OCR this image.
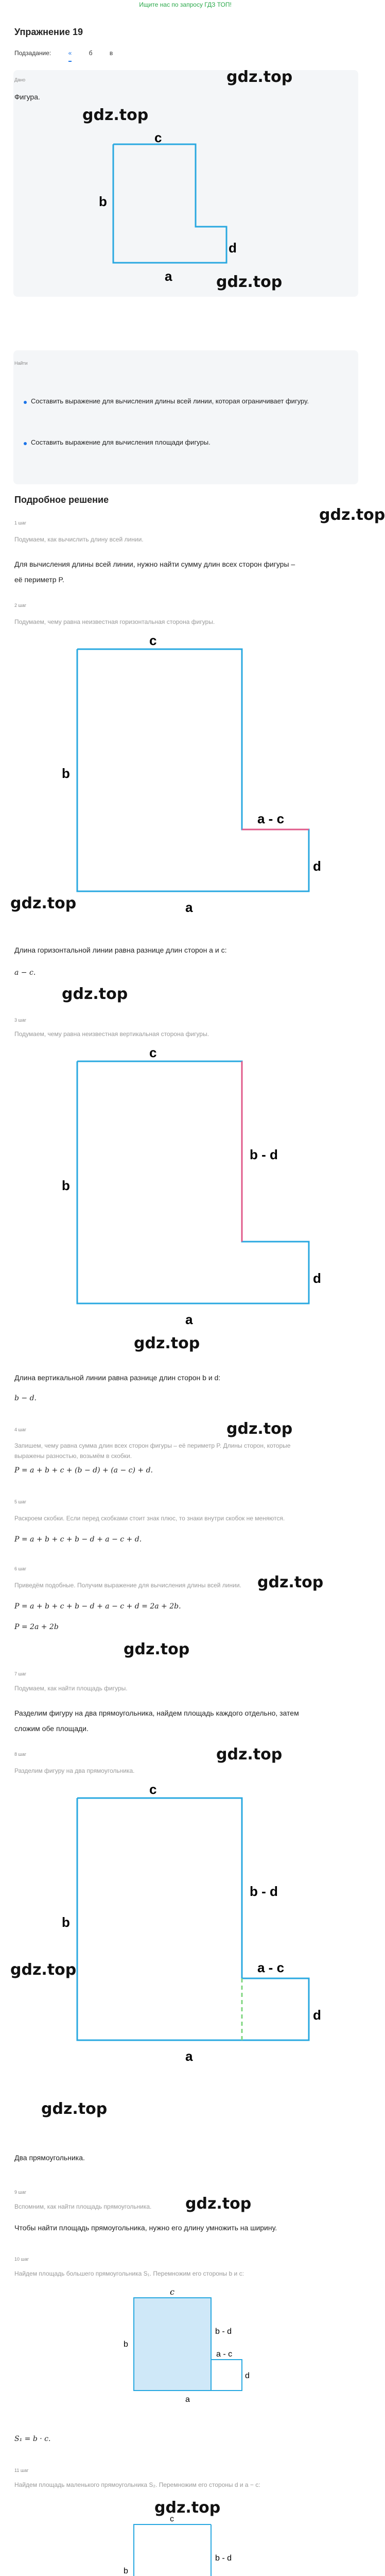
Ищите нас по запросу ГДЗ ТОП!
Упражнение 19
Подзадание:	«	б	в
Дано
Фигура.
gdz.top
gdz.top
c
b
d
a	gdz.top
Найти
Составить выражение для вычисления длины всей линии, которая ограничивает фигуру.
Составить выражение для вычисления площади фигуры.
Подробное решение
1 шаг
Подумаем, как вычислить длину всей линии.
Для вычисления длины всей линии, нужно найти сумму длин всех сторон фигуры – её периметр P.
gdz.top
2 шаг
Подумаем, чему равна неизвестная горизонтальная сторона фигуры.
c
b
a - c
d
a
gdz.top
Длина горизонтальной линии равна разнице длин сторон a и c:
a − c.
gdz.top
3 шаг
Подумаем, чему равна неизвестная вертикальная сторона фигуры.
c
b
b - d
d
a
gdz.top
Длина вертикальной линии равна разнице длин сторон b и d:
b − d.
4 шаг
Запишем, чему равна сумма длин всех сторон фигуры – её периметр P. Длины сторон, которые выражены разностью, возьмём в скобки.
gdz.top
P = a + b + c + (b − d) + (a − c) + d.
5 шаг
Раскроем скобки. Если перед скобками стоит знак плюс, то знаки внутри скобок не меняются.
P = a + b + c + b − d + a − c + d.
6 шаг
Приведём подобные. Получим выражение для вычисления длины всей линии. gdz.top
P = a + b + c + b − d + a − c + d = 2a + 2b.
P = 2a + 2b
gdz.top
7 шаг
Подумаем, как найти площадь фигуры.
Разделим фигуру на два прямоугольника, найдем площадь каждого отдельно, затем сложим обе площади.
8 шаг
Разделим фигуру на два прямоугольника.
gdz.top
c
b
b - d
a - c
d
a
gdz.top
gdz.top
Два прямоугольника.
9 шаг
Вспомним, как найти площадь прямоугольника.
Чтобы найти площадь прямоугольника, нужно его длину умножить на ширину.
gdz.top
10 шаг
Найдем площадь большего прямоугольника S₁. Перемножим его стороны b и c:
c
b
b - d
a - c
d
a
S₁ = b · c.
11 шаг
Найдем площадь маленького прямоугольника S₂. Перемножим его стороны d и a − c:
gdz.top
c
b
b - d
